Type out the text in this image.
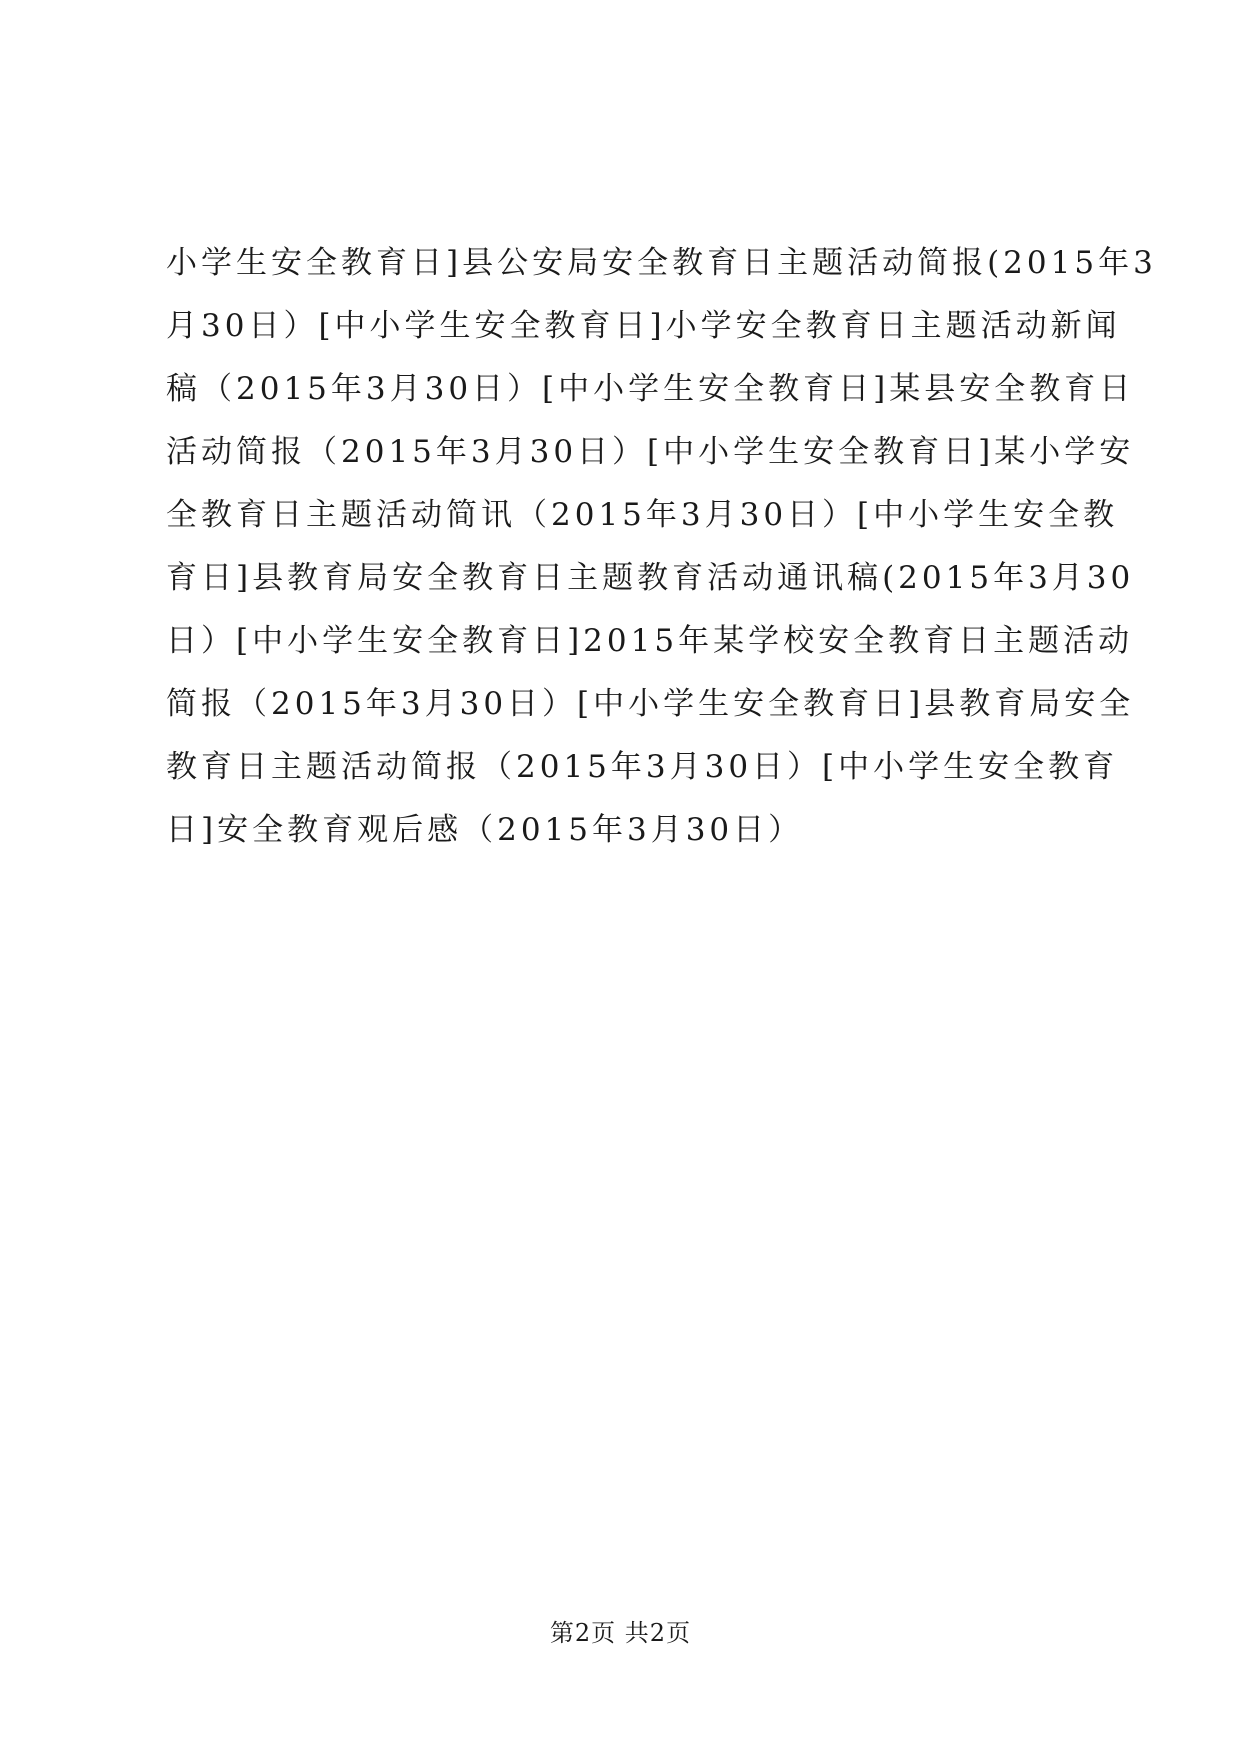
小学生安全教育日]县公安局安全教育日主题活动简报(2015年3
月30日）[中小学生安全教育日]小学安全教育日主题活动新闻
稿（2015年3月30日）[中小学生安全教育日]某县安全教育日
活动简报（2015年3月30日）[中小学生安全教育日]某小学安
全教育日主题活动简讯（2015年3月30日）[中小学生安全教
育日]县教育局安全教育日主题教育活动通讯稿(2015年3月30
日）[中小学生安全教育日]2015年某学校安全教育日主题活动
简报（2015年3月30日）[中小学生安全教育日]县教育局安全
教育日主题活动简报（2015年3月30日）[中小学生安全教育
日]安全教育观后感（2015年3月30日）
第2页 共2页
